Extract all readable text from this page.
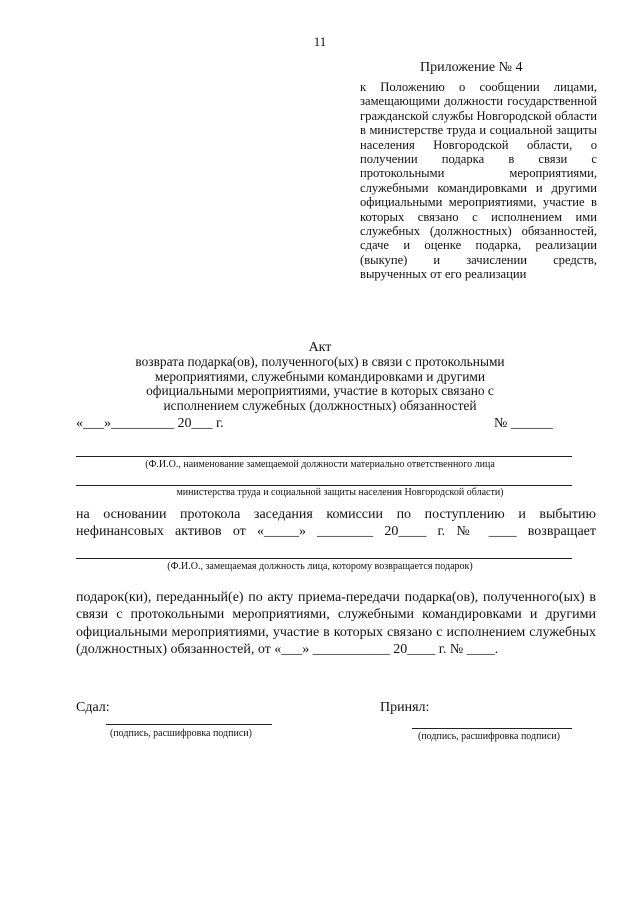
11
Приложение № 4
к Положению о сообщении лицами, замещающими должности государственной гражданской службы Новгородской области в министерстве труда и социальной защиты населения Новгородской области, о получении подарка в связи с протокольными мероприятиями, служебными командировками и другими официальными мероприятиями, участие в которых связано с исполнением ими служебных (должностных) обязанностей, сдаче и оценке подарка, реализации (выкупе) и зачислении средств, вырученных от его реализации
Акт
возврата подарка(ов), полученного(ых) в связи с протокольными мероприятиями, служебными командировками и другими официальными мероприятиями, участие в которых связано с исполнением служебных (должностных) обязанностей
«___»_________ 20___ г.	№ ______
(Ф.И.О., наименование замещаемой должности материально ответственного лица
министерства труда и социальной защиты населения Новгородской области)
на основании протокола заседания комиссии по поступлению и выбытию нефинансовых активов от «_____» ________ 20____ г. № ____ возвращает
(Ф.И.О., замещаемая должность лица, которому возвращается подарок)
подарок(ки), переданный(е) по акту приема-передачи подарка(ов), полученного(ых) в связи с протокольными мероприятиями, служебными командировками и другими официальными мероприятиями, участие в которых связано с исполнением служебных (должностных) обязанностей, от «___» ___________ 20____ г. № ____.
Сдал:
(подпись, расшифровка подписи)
Принял:
(подпись, расшифровка подписи)
